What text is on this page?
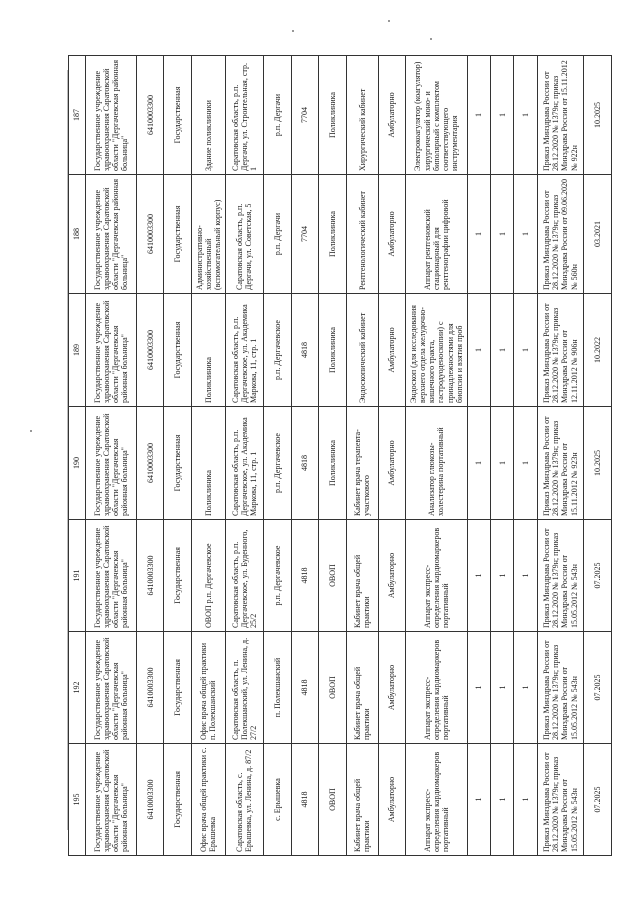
195	192	191	190	189	188	187
Государственное учреждение здравоохранения Саратовской области "Дергачевская районная больница"	Государственное учреждение здравоохранения Саратовской области "Дергачевская районная больница"	Государственное учреждение здравоохранения Саратовской области "Дергачевская районная больница"	Государственное учреждение здравоохранения Саратовской области "Дергачевская районная больница"	Государственное учреждение здравоохранения Саратовской области "Дергачевская районная больница"	Государственное учреждение здравоохранения Саратовской области "Дергачевская районная больница"	Государственное учреждение здравоохранения Саратовской области "Дергачевская районная больница"
6410003300	6410003300	6410003300	6410003300	6410003300	6410003300	6410003300
Государственная	Государственная	Государственная	Государственная	Государственная	Государственная	Государственная
Офис врача общей практики с. Ерышевка	Офис врача общей практики п. Полекшанский	ОВОП р.п. Дергачевское	Поликлиника	Поликлиника	Административно-хозяйственный (вспомогательный корпус)	Здание поликлиники
Саратовская область, с. Ерышевка, ул. Ленина, д. 87/2	Саратовская область, п. Полекшанский, ул. Ленина, д. 27/2	Саратовская область, р.п. Дергачевское, ул. Буденного, 25/2	Саратовская область, р.п. Дергачевское, ул. Академика Маркова, 11, стр. 1	Саратовская область, р.п. Дергачевское, ул. Академика Маркова, 11, стр. 1	Саратовская область, р.п. Дергачи, ул. Советская, 5	Саратовская область, р.п. Дергачи, ул. Строительная, стр. 1
с. Ерышевка	п. Полекшанский	р.п. Дергачевское	р.п. Дергачевское	р.п. Дергачевское	р.п. Дергачи	р.п. Дергачи
4818	4818	4818	4818	4818	7704	7704
ОВОП	ОВОП	ОВОП	Поликлиника	Поликлиника	Поликлиника	Поликлиника
Кабинет врача общей практики	Кабинет врача общей практики	Кабинет врача общей практики	Кабинет врача терапевта-участкового	Эндоскопический кабинет	Рентгенологический кабинет	Хирургический кабинет
Амбулаторно	Амбулаторно	Амбулаторно	Амбулаторно	Амбулаторно	Амбулаторно	Амбулаторно
Аппарат экспресс-определения кардиомаркеров портативный	Аппарат экспресс-определения кардиомаркеров портативный	Аппарат экспресс-определения кардиомаркеров портативный	Анализатор глюкозы-холестерина портативный	Эндоскоп (для исследования верхнего отдела желудочно-кишечного тракта, гастродуоденоскопии) с принадлежностями для биопсии и взятия проб	Аппарат рентгеновский стационарный для рентгенографии цифровой	Электрокоагулятор (коагулятор) хирургический моно- и биполярный с комплектом соответствующего инструментария
1	1	1	1	1	1	1
1	1	1	1	1	1	1
1	1	1	1	1	1	1
Приказ Минздрава России от 28.12.2020 № 1379н; приказ Минздрава России от 15.05.2012 № 543н	Приказ Минздрава России от 28.12.2020 № 1379н; приказ Минздрава России от 15.05.2012 № 543н	Приказ Минздрава России от 28.12.2020 № 1379н; приказ Минздрава России от 15.05.2012 № 543н	Приказ Минздрава России от 28.12.2020 № 1379н; приказ Минздрава России от 15.11.2012 № 923н	Приказ Минздрава России от 28.12.2020 № 1379н; приказ Минздрава России от 12.11.2012 № 906н	Приказ Минздрава России от 28.12.2020 № 1379н; приказ Минздрава России от 09.06.2020 № 560н	Приказ Минздрава России от 28.12.2020 № 1379н; приказ Минздрава России от 15.11.2012 № 922н
07.2025	07.2025	07.2025	10.2025	10.2022	03.2021	10.2025
